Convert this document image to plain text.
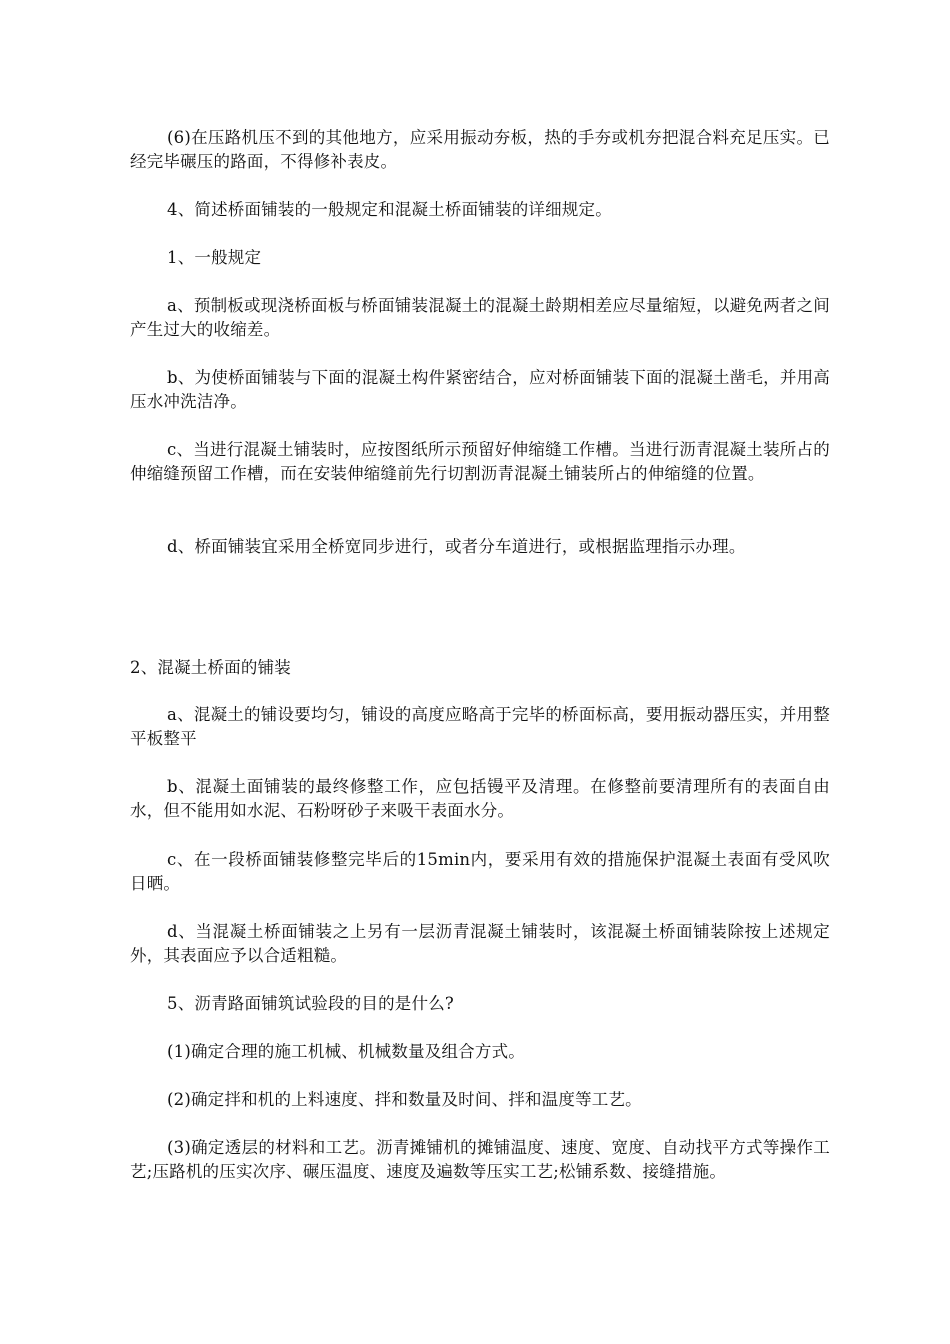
(6)在压路机压不到的其他地方，应采用振动夯板，热的手夯或机夯把混合料充足压实。已经完毕碾压的路面，不得修补表皮。

4、简述桥面铺装的一般规定和混凝土桥面铺装的详细规定。

1、一般规定

a、预制板或现浇桥面板与桥面铺装混凝土的混凝土龄期相差应尽量缩短，以避免两者之间产生过大的收缩差。

b、为使桥面铺装与下面的混凝土构件紧密结合，应对桥面铺装下面的混凝土凿毛，并用高压水冲洗洁净。

c、当进行混凝土铺装时，应按图纸所示预留好伸缩缝工作槽。当进行沥青混凝土装所占的伸缩缝预留工作槽，而在安装伸缩缝前先行切割沥青混凝土铺装所占的伸缩缝的位置。

d、桥面铺装宜采用全桥宽同步进行，或者分车道进行，或根据监理指示办理。

2、混凝土桥面的铺装

a、混凝土的铺设要均匀，铺设的高度应略高于完毕的桥面标高，要用振动器压实，并用整平板整平

b、混凝土面铺装的最终修整工作，应包括镘平及清理。在修整前要清理所有的表面自由水，但不能用如水泥、石粉呀砂子来吸干表面水分。

c、在一段桥面铺装修整完毕后的15min内，要采用有效的措施保护混凝土表面有受风吹日晒。

d、当混凝土桥面铺装之上另有一层沥青混凝土铺装时，该混凝土桥面铺装除按上述规定外，其表面应予以合适粗糙。

5、沥青路面铺筑试验段的目的是什么?

(1)确定合理的施工机械、机械数量及组合方式。

(2)确定拌和机的上料速度、拌和数量及时间、拌和温度等工艺。

(3)确定透层的材料和工艺。沥青摊铺机的摊铺温度、速度、宽度、自动找平方式等操作工艺;压路机的压实次序、碾压温度、速度及遍数等压实工艺;松铺系数、接缝措施。
